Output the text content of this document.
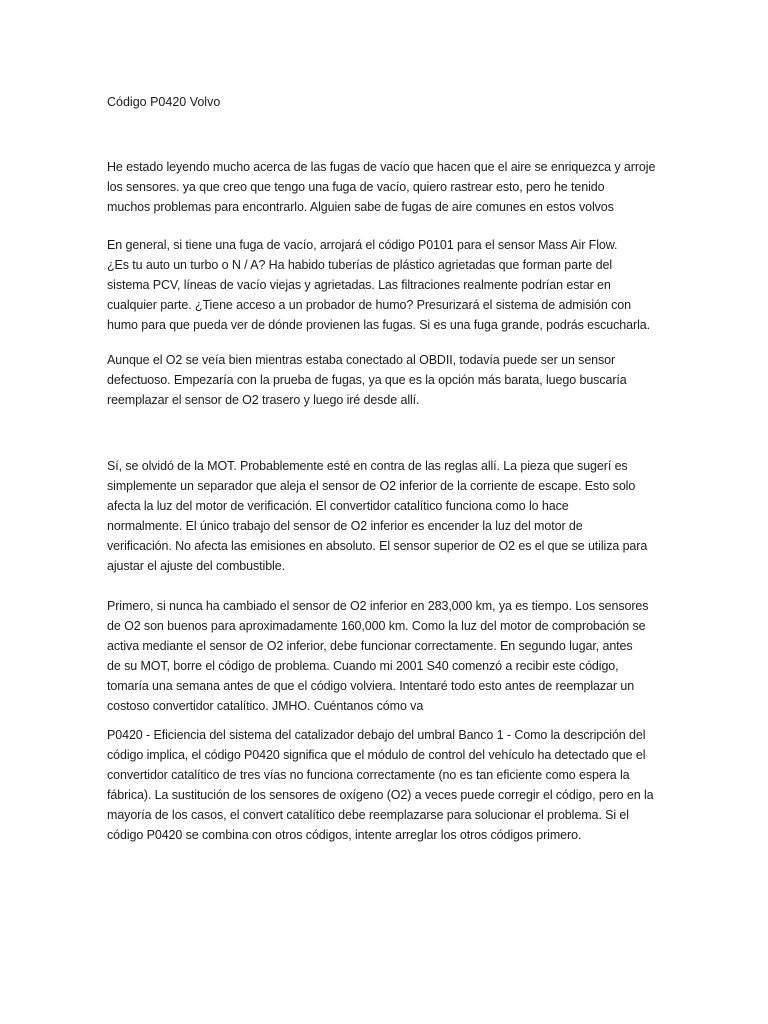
Código P0420 Volvo

He estado leyendo mucho acerca de las fugas de vacío que hacen que el aire se enriquezca y arroje
los sensores. ya que creo que tengo una fuga de vacío, quiero rastrear esto, pero he tenido
muchos problemas para encontrarlo. Alguien sabe de fugas de aire comunes en estos volvos

En general, si tiene una fuga de vacío, arrojará el código P0101 para el sensor Mass Air Flow.
¿Es tu auto un turbo o N / A? Ha habido tuberías de plástico agrietadas que forman parte del
sistema PCV, líneas de vacío viejas y agrietadas. Las filtraciones realmente podrían estar en
cualquier parte. ¿Tiene acceso a un probador de humo? Presurizará el sistema de admisión con
humo para que pueda ver de dónde provienen las fugas. Si es una fuga grande, podrás escucharla.

Aunque el O2 se veía bien mientras estaba conectado al OBDII, todavía puede ser un sensor
defectuoso. Empezaría con la prueba de fugas, ya que es la opción más barata, luego buscaría
reemplazar el sensor de O2 trasero y luego iré desde allí.

Sí, se olvidó de la MOT. Probablemente esté en contra de las reglas allí. La pieza que sugerí es
simplemente un separador que aleja el sensor de O2 inferior de la corriente de escape. Esto solo
afecta la luz del motor de verificación. El convertidor catalítico funciona como lo hace
normalmente. El único trabajo del sensor de O2 inferior es encender la luz del motor de
verificación. No afecta las emisiones en absoluto. El sensor superior de O2 es el que se utiliza para
ajustar el ajuste del combustible.

Primero, si nunca ha cambiado el sensor de O2 inferior en 283,000 km, ya es tiempo. Los sensores
de O2 son buenos para aproximadamente 160,000 km. Como la luz del motor de comprobación se
activa mediante el sensor de O2 inferior, debe funcionar correctamente. En segundo lugar, antes
de su MOT, borre el código de problema. Cuando mi 2001 S40 comenzó a recibir este código,
tomaría una semana antes de que el código volviera. Intentaré todo esto antes de reemplazar un
costoso convertidor catalítico. JMHO. Cuéntanos cómo va

P0420 - Eficiencia del sistema del catalizador debajo del umbral Banco 1 - Como la descripción del
código implica, el código P0420 significa que el módulo de control del vehículo ha detectado que el
convertidor catalítico de tres vías no funciona correctamente (no es tan eficiente como espera la
fábrica). La sustitución de los sensores de oxígeno (O2) a veces puede corregir el código, pero en la
mayoría de los casos, el convert catalítico debe reemplazarse para solucionar el problema. Si el
código P0420 se combina con otros códigos, intente arreglar los otros códigos primero.
